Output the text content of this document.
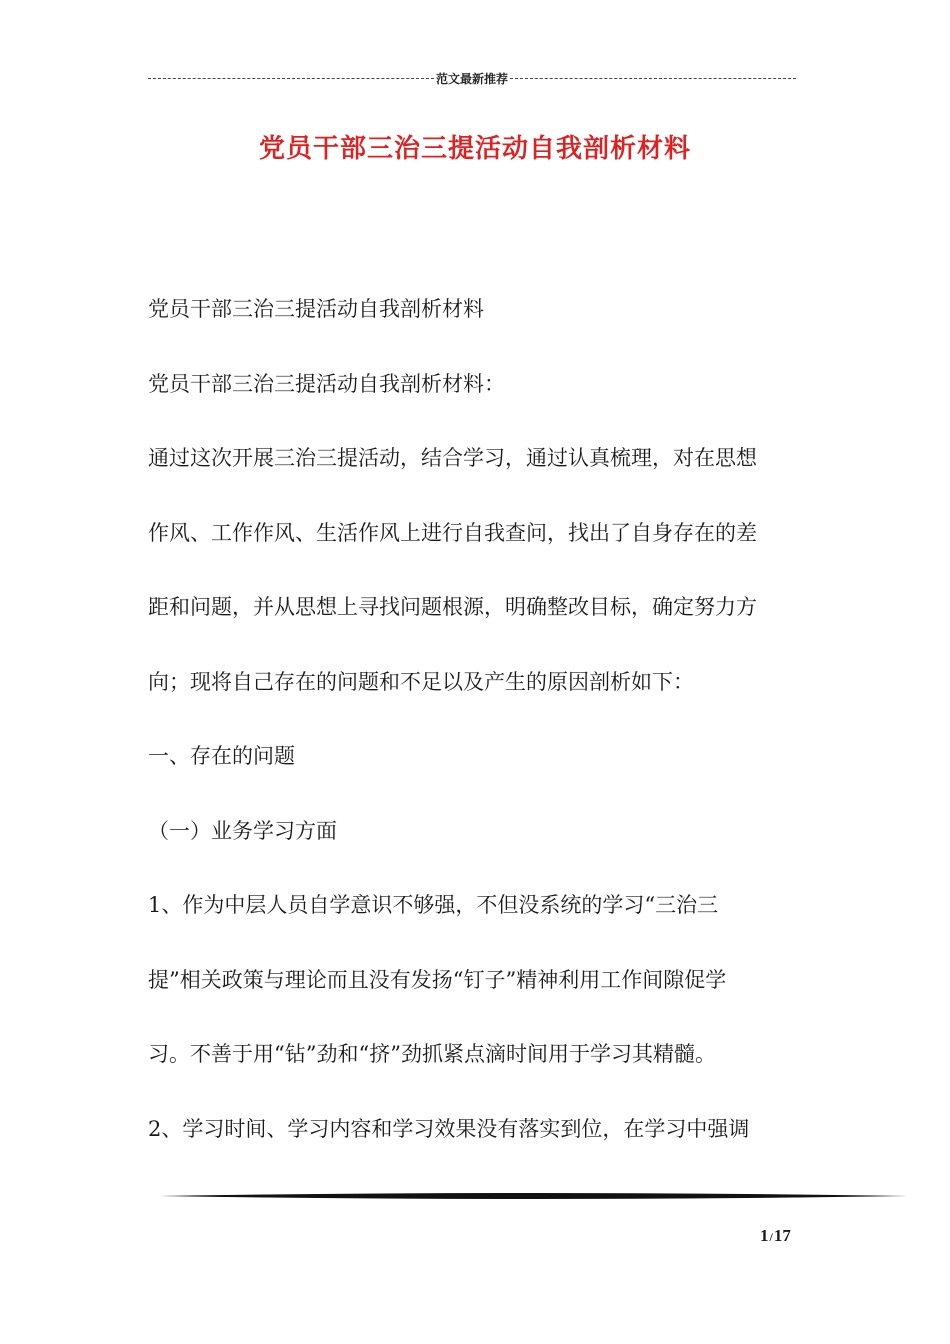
范文最新推荐
党员干部三治三提活动自我剖析材料

党员干部三治三提活动自我剖析材料

党员干部三治三提活动自我剖析材料：

通过这次开展三治三提活动，结合学习，通过认真梳理，对在思想

作风、工作作风、生活作风上进行自我查问，找出了自身存在的差

距和问题，并从思想上寻找问题根源，明确整改目标，确定努力方

向；现将自己存在的问题和不足以及产生的原因剖析如下：

一、存在的问题

（一）业务学习方面

1、作为中层人员自学意识不够强，不但没系统的学习“三治三

提”相关政策与理论而且没有发扬“钉子”精神利用工作间隙促学

习。不善于用“钻”劲和“挤”劲抓紧点滴时间用于学习其精髓。

2、学习时间、学习内容和学习效果没有落实到位，在学习中强调

1/17
